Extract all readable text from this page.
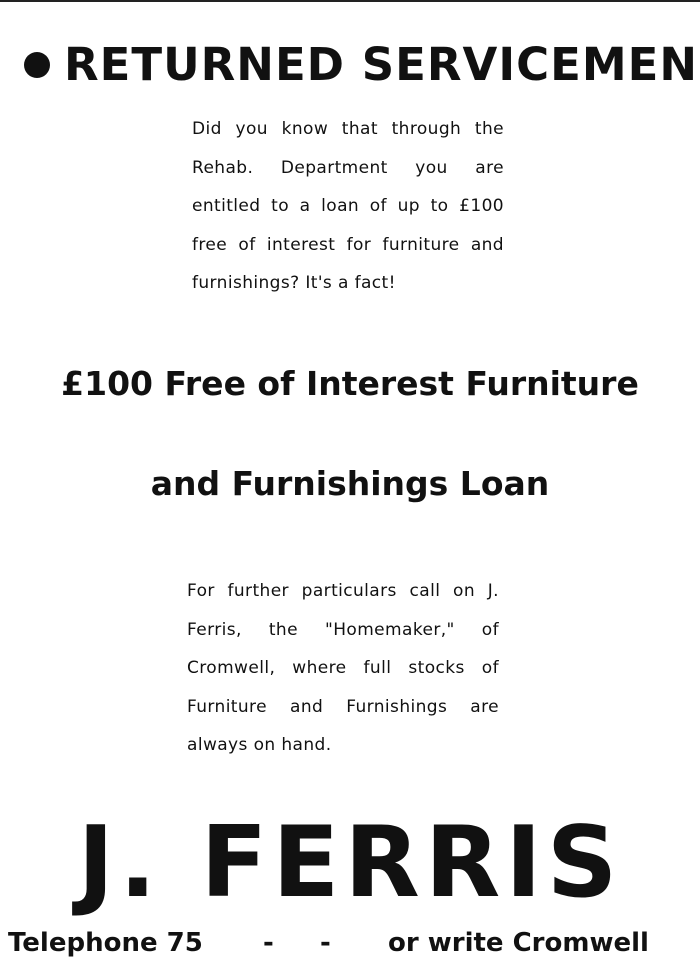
RETURNED SERVICEMEN
Did you know that through the Rehab. Department you are entitled to a loan of up to £100 free of interest for furniture and furnishings? It's a fact!
£100 Free of Interest Furniture
and Furnishings Loan
For further particulars call on J. Ferris, the "Homemaker," of Cromwell, where full stocks of Furniture and Furnishings are always on hand.
J. FERRIS
Telephone 75 - - or write Cromwell
